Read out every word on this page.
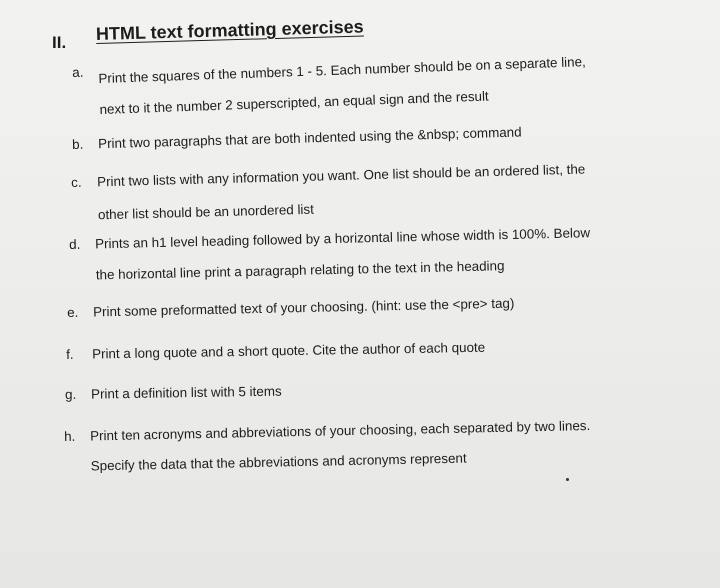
II. HTML text formatting exercises
a. Print the squares of the numbers 1 - 5. Each number should be on a separate line,
next to it the number 2 superscripted, an equal sign and the result
b. Print two paragraphs that are both indented using the &nbsp; command
c. Print two lists with any information you want. One list should be an ordered list, the
other list should be an unordered list
d. Prints an h1 level heading followed by a horizontal line whose width is 100%. Below
the horizontal line print a paragraph relating to the text in the heading
e. Print some preformatted text of your choosing. (hint: use the <pre> tag)
f. Print a long quote and a short quote. Cite the author of each quote
g. Print a definition list with 5 items
h. Print ten acronyms and abbreviations of your choosing, each separated by two lines.
Specify the data that the abbreviations and acronyms represent
